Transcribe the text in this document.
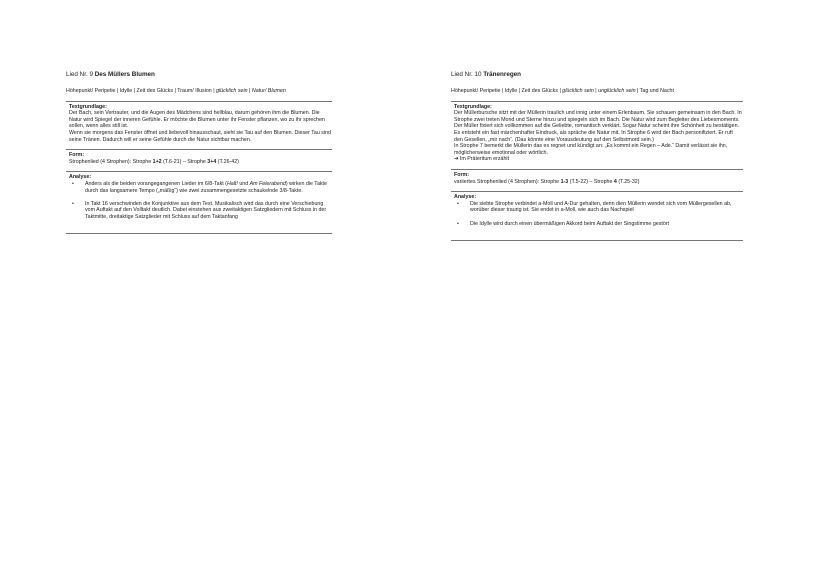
Lied Nr. 9 Des Müllers Blumen
Höhepunkt/ Peripetie | Idylle | Zeit des Glücks | Traum/ Illusion | glücklich sein | Natur/ Blumen
Textgrundlage:

Der Bach, sein Vertrauter, und die Augen des Mädchens sind hellblau, darum gehören ihm die Blumen. Die Natur wird Spiegel der inneren Gefühle. Er möchte die Blumen unter ihr Fenster pflanzen, wo zu ihr sprechen sollen, wenn alles still ist.

Wenn sie morgens das Fenster öffnet und liebevoll hinausschaut, sieht sie Tau auf den Blumen. Dieser Tau sind seine Tränen. Dadurch will er seine Gefühle durch die Natur sichtbar machen.

Form:

Strophenlied (4 Strophen): Strophe 1+2 (T.6-21) – Strophe 3+4 (T.26-42)

Analyse:
• Anders als die beiden vorangegangenen Lieder im 6/8-Takt (Halt! und Am Feierabend) wirken die Takte durch das langsamere Tempo („mäßig“) wie zwei zusammengesetzte schaukelnde 3/8-Takte.
• In Takt 16 verschwinden die Konjunktive aus dem Text. Musikalisch wird das durch eine Verschiebung vom Auftakt auf den Volltakt deutlich. Dabei einstehen aus zweitaktigen Satzgliedern mit Schluss in der Taktmitte, dreitaktige Satzglieder mit Schluss auf dem Taktanfang
Lied Nr. 10 Tränenregen
Höhepunkt/ Peripetie | Idylle | Zeit des Glücks | glücklich sein | unglücklich sein | Tag und Nacht
Textgrundlage:

Der Müllerbursche sitzt mit der Müllerin traulich und innig unter einem Erlenbaum. Sie schauen gemeinsam in den Bach. In Strophe zwei treten Mond und Sterne hinzu und spiegeln sich im Bach. Die Natur wird zum Begleiter des Liebesmoments.

Der Müller fixiert sich vollkommen auf die Geliebte, romantisch verklärt. Sogar Natur scheint ihre Schönheit zu bestätigen. Es entsteht ein fast märchenhafter Eindruck, als spräche die Natur mit. In Strophe 6 wird der Bach personifiziert. Er ruft den Gesellen, „mir nach“. (Das könnte eine Vorausdeutung auf den Selbstmord sein.)

In Strophe 7 bemerkt die Müllerin das es regnet und kündigt an: „Es kommt ein Regen – Ade.“ Damit verlässt sie ihn, möglicherweise emotional oder wörtlich.

➔ Im Präteritum erzählt

Form:

variiertes Strophenlied (4 Strophen): Strophe 1-3 (T.5-22) – Strophe 4 (T.25-32)

Analyse:
• Die siebte Strophe verbindet a-Moll und A-Dur gehalten, denn dien Müllerin wendet sich vom Müllergesellen ab, worüber dieser traurig ist. Sie endet in a-Moll, wie auch das Nachspiel
• Die Idylle wird durch einen übermäßigen Akkord beim Auftakt der Singstimme gestört
